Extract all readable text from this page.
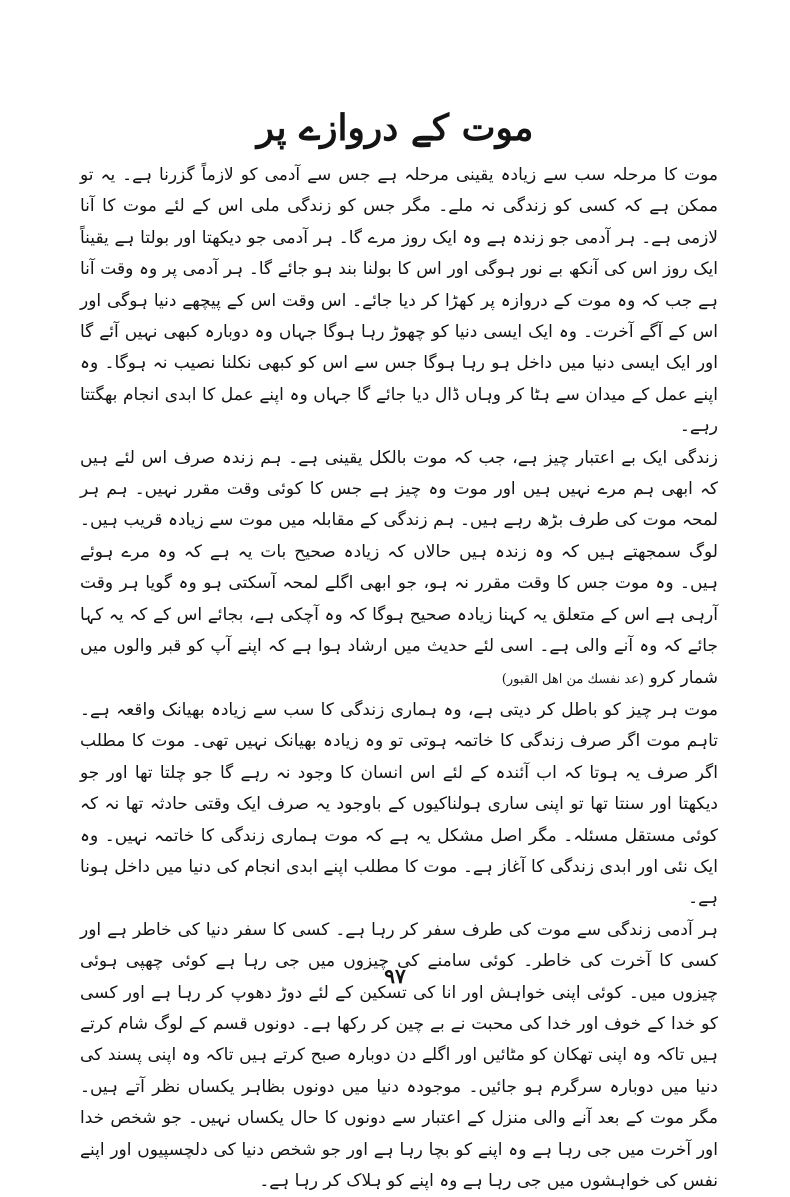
موت کے دروازے پر

موت کا مرحلہ سب سے زیادہ یقینی مرحلہ ہے جس سے آدمی کو لازماً گزرنا ہے۔ یہ تو ممکن ہے کہ کسی کو زندگی نہ ملے۔ مگر جس کو زندگی ملی اس کے لئے موت کا آنا لازمی ہے۔ ہر آدمی جو زندہ ہے وہ ایک روز مرے گا۔ ہر آدمی جو دیکھتا اور بولتا ہے یقیناً ایک روز اس کی آنکھ بے نور ہوگی اور اس کا بولنا بند ہو جائے گا۔ ہر آدمی پر وہ وقت آنا ہے جب کہ وہ موت کے دروازہ پر کھڑا کر دیا جائے۔ اس وقت اس کے پیچھے دنیا ہوگی اور اس کے آگے آخرت۔ وہ ایک ایسی دنیا کو چھوڑ رہا ہوگا جہاں وہ دوبارہ کبھی نہیں آئے گا اور ایک ایسی دنیا میں داخل ہو رہا ہوگا جس سے اس کو کبھی نکلنا نصیب نہ ہوگا۔ وہ اپنے عمل کے میدان سے ہٹا کر وہاں ڈال دیا جائے گا جہاں وہ اپنے عمل کا ابدی انجام بھگتتا رہے۔

زندگی ایک بے اعتبار چیز ہے، جب کہ موت بالکل یقینی ہے۔ ہم زندہ صرف اس لئے ہیں کہ ابھی ہم مرے نہیں ہیں اور موت وہ چیز ہے جس کا کوئی وقت مقرر نہیں۔ ہم ہر لمحہ موت کی طرف بڑھ رہے ہیں۔ ہم زندگی کے مقابلہ میں موت سے زیادہ قریب ہیں۔ لوگ سمجھتے ہیں کہ وہ زندہ ہیں حالاں کہ زیادہ صحیح بات یہ ہے کہ وہ مرے ہوئے ہیں۔ وہ موت جس کا وقت مقرر نہ ہو، جو ابھی اگلے لمحہ آسکتی ہو وہ گویا ہر وقت آرہی ہے اس کے متعلق یہ کہنا زیادہ صحیح ہوگا کہ وہ آچکی ہے، بجائے اس کے کہ یہ کہا جائے کہ وہ آنے والی ہے۔ اسی لئے حدیث میں ارشاد ہوا ہے کہ اپنے آپ کو قبر والوں میں شمار کرو (عد نفسك من اهل القبور)

موت ہر چیز کو باطل کر دیتی ہے، وہ ہماری زندگی کا سب سے زیادہ بھیانک واقعہ ہے۔ تاہم موت اگر صرف زندگی کا خاتمہ ہوتی تو وہ زیادہ بھیانک نہیں تھی۔ موت کا مطلب اگر صرف یہ ہوتا کہ اب آئندہ کے لئے اس انسان کا وجود نہ رہے گا جو چلتا تھا اور جو دیکھتا اور سنتا تھا تو اپنی ساری ہولناکیوں کے باوجود یہ صرف ایک وقتی حادثہ تھا نہ کہ کوئی مستقل مسئلہ۔ مگر اصل مشکل یہ ہے کہ موت ہماری زندگی کا خاتمہ نہیں۔ وہ ایک نئی اور ابدی زندگی کا آغاز ہے۔ موت کا مطلب اپنے ابدی انجام کی دنیا میں داخل ہونا ہے۔

ہر آدمی زندگی سے موت کی طرف سفر کر رہا ہے۔ کسی کا سفر دنیا کی خاطر ہے اور کسی کا آخرت کی خاطر۔ کوئی سامنے کی چیزوں میں جی رہا ہے کوئی چھپی ہوئی چیزوں میں۔ کوئی اپنی خواہش اور انا کی تسکین کے لئے دوڑ دھوپ کر رہا ہے اور کسی کو خدا کے خوف اور خدا کی محبت نے بے چین کر رکھا ہے۔ دونوں قسم کے لوگ شام کرتے ہیں تاکہ وہ اپنی تھکان کو مٹائیں اور اگلے دن دوبارہ صبح کرتے ہیں تاکہ وہ اپنی پسند کی دنیا میں دوبارہ سرگرم ہو جائیں۔ موجودہ دنیا میں دونوں بظاہر یکساں نظر آتے ہیں۔ مگر موت کے بعد آنے والی منزل کے اعتبار سے دونوں کا حال یکساں نہیں۔ جو شخص خدا اور آخرت میں جی رہا ہے وہ اپنے کو بچا رہا ہے اور جو شخص دنیا کی دلچسپیوں اور اپنے نفس کی خواہشوں میں جی رہا ہے وہ اپنے کو ہلاک کر رہا ہے۔

۹۷
